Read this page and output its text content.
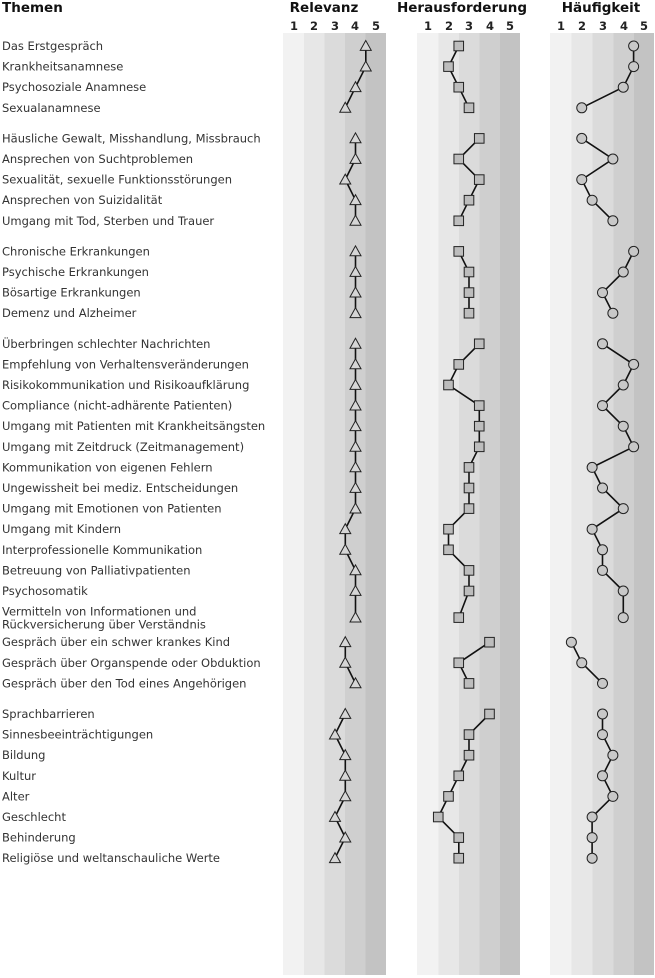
Themen	Relevanz
1 2 3 4 5
Herausforderung
1 2 3 4 5
Häufigkeit
1 2 3 4 5
Das Erstgespräch
Krankheitsanamnese
Psychosoziale Anamnese
Sexualanamnese
Häusliche Gewalt, Misshandlung, Missbrauch
Ansprechen von Suchtproblemen
Sexualität, sexuelle Funktionsstörungen
Ansprechen von Suizidalität
Umgang mit Tod, Sterben und Trauer
Chronische Erkrankungen
Psychische Erkrankungen
Bösartige Erkrankungen
Demenz und Alzheimer
Überbringen schlechter Nachrichten
Empfehlung von Verhaltensveränderungen
Risikokommunikation und Risikoaufklärung
Compliance (nicht-adhärente Patienten)
Umgang mit Patienten mit Krankheitsängsten
Umgang mit Zeitdruck (Zeitmanagement)
Kommunikation von eigenen Fehlern
Ungewissheit bei mediz. Entscheidungen
Umgang mit Emotionen von Patienten
Umgang mit Kindern
Interprofessionelle Kommunikation
Betreuung von Palliativpatienten
Psychosomatik
Vermitteln von Informationen und
Rückversicherung über Verständnis
Gespräch über ein schwer krankes Kind
Gespräch über Organspende oder Obduktion
Gespräch über den Tod eines Angehörigen
Sprachbarrieren
Sinnesbeeinträchtigungen
Bildung
Kultur
Alter
Geschlecht
Behinderung
Religiöse und weltanschauliche Werte
